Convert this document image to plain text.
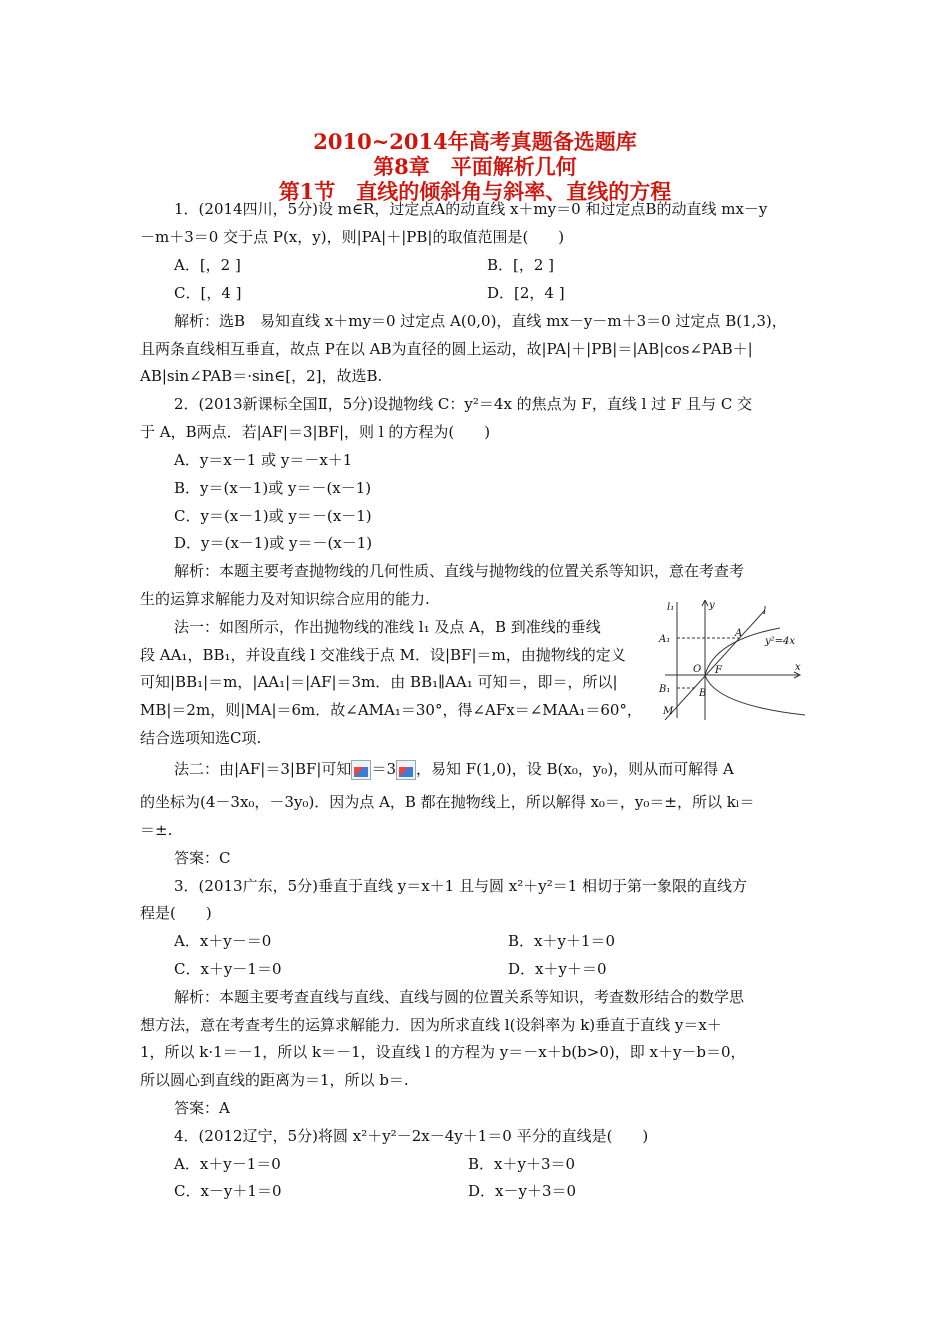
2010~2014年高考真题备选题库
第8章　平面解析几何
第1节　直线的倾斜角与斜率、直线的方程
1．(2014四川，5分)设 m∈R，过定点A的动直线 x＋my＝0 和过定点B的动直线 mx－y
－m＋3＝0 交于点 P(x，y)，则|PA|＋|PB|的取值范围是(　　)
A．[，2 ]	B．[，2 ]
C．[，4 ]	D．[2，4 ]
解析：选B　易知直线 x＋my＝0 过定点 A(0,0)，直线 mx－y－m＋3＝0 过定点 B(1,3)，
且两条直线相互垂直，故点 P在以 AB为直径的圆上运动，故|PA|＋|PB|＝|AB|cos∠PAB＋|
AB|sin∠PAB＝·sin∈[，2]，故选B.
2．(2013新课标全国Ⅱ，5分)设抛物线 C：y²＝4x 的焦点为 F，直线 l 过 F 且与 C 交
于 A，B两点．若|AF|＝3|BF|，则 l 的方程为(　　)
A．y＝x－1 或 y＝－x＋1
B．y＝(x－1)或 y＝－(x－1)
C．y＝(x－1)或 y＝－(x－1)
D．y＝(x－1)或 y＝－(x－1)
解析：本题主要考查抛物线的几何性质、直线与抛物线的位置关系等知识，意在考查考
生的运算求解能力及对知识综合应用的能力.
法一：如图所示，作出抛物线的准线 l₁ 及点 A，B 到准线的垂线
段 AA₁，BB₁，并设直线 l 交准线于点 M．设|BF|＝m，由抛物线的定义
可知|BB₁|＝m，|AA₁|＝|AF|＝3m．由 BB₁∥AA₁ 可知＝，即＝，所以|
MB|＝2m，则|MA|＝6m．故∠AMA₁＝30°，得∠AFx＝∠MAA₁＝60°，
结合选项知选C项.
l₁	y
l
A
A₁	y²=4x
O F	x
B₁	B
M
法二：由|AF|＝3|BF|可知 ＝3 ，易知 F(1,0)，设 B(x₀，y₀)，则从而可解得 A
的坐标为(4－3x₀，－3y₀)．因为点 A，B 都在抛物线上，所以解得 x₀＝，y₀＝±，所以 kₗ＝
＝±.
答案：C
3．(2013广东，5分)垂直于直线 y＝x＋1 且与圆 x²＋y²＝1 相切于第一象限的直线方
程是(　　)
A．x＋y－＝0	B．x＋y＋1＝0
C．x＋y－1＝0	D．x＋y＋＝0
解析：本题主要考查直线与直线、直线与圆的位置关系等知识，考查数形结合的数学思
想方法，意在考查考生的运算求解能力．因为所求直线 l(设斜率为 k)垂直于直线 y＝x＋
1，所以 k·1＝－1，所以 k＝－1，设直线 l 的方程为 y＝－x＋b(b>0)，即 x＋y－b＝0，
所以圆心到直线的距离为＝1，所以 b＝.
答案：A
4．(2012辽宁，5分)将圆 x²＋y²－2x－4y＋1＝0 平分的直线是(　　)
A．x＋y－1＝0	B．x＋y＋3＝0
C．x－y＋1＝0	D．x－y＋3＝0
